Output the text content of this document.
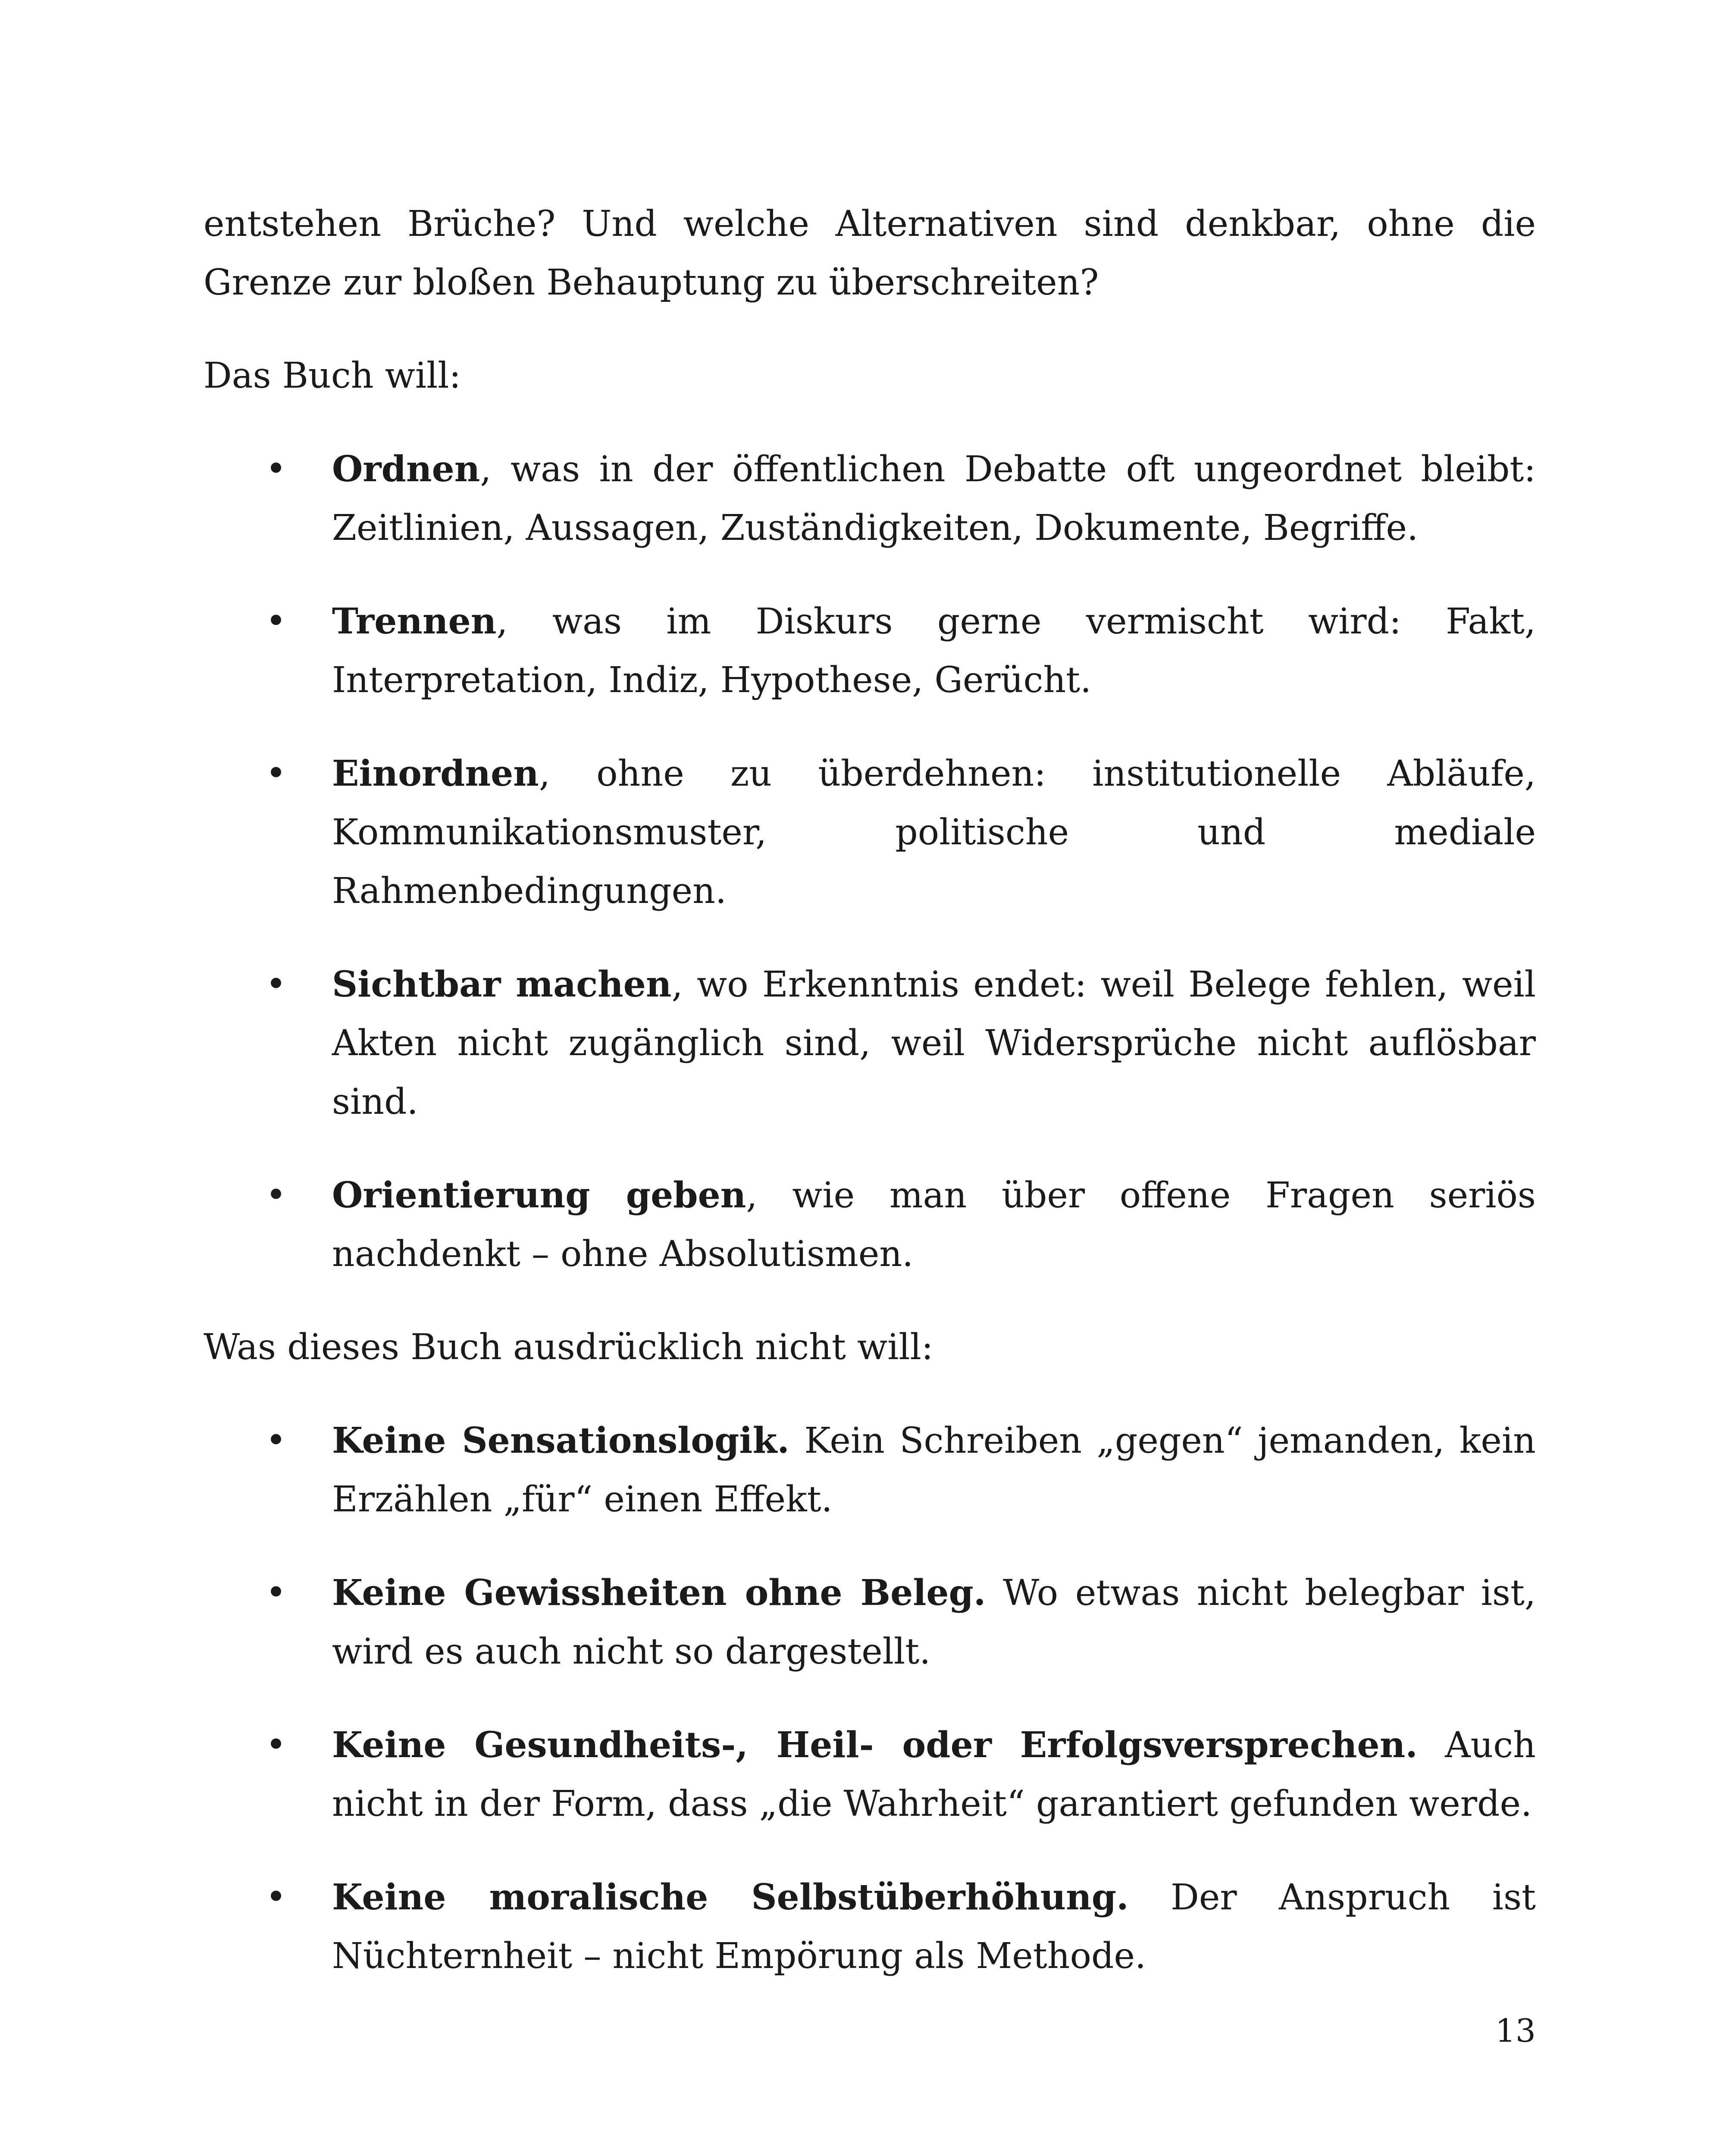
entstehen Brüche? Und welche Alternativen sind denkbar, ohne die Grenze zur bloßen Behauptung zu überschreiten?

Das Buch will:

•
Ordnen, was in der öffentlichen Debatte oft ungeordnet bleibt: Zeitlinien, Aussagen, Zuständigkeiten, Dokumente, Begriffe.
•
Trennen, was im Diskurs gerne vermischt wird: Fakt, Interpretation, Indiz, Hypothese, Gerücht.
•
Einordnen, ohne zu überdehnen: institutionelle Abläufe, Kommunikationsmuster, politische und mediale Rahmenbedingungen.
•
Sichtbar machen, wo Erkenntnis endet: weil Belege fehlen, weil Akten nicht zugänglich sind, weil Widersprüche nicht auflösbar sind.
•
Orientierung geben, wie man über offene Fragen seriös nachdenkt – ohne Absolutismen.

Was dieses Buch ausdrücklich nicht will:

•
Keine Sensationslogik. Kein Schreiben „gegen“ jemanden, kein Erzählen „für“ einen Effekt.
•
Keine Gewissheiten ohne Beleg. Wo etwas nicht belegbar ist, wird es auch nicht so dargestellt.
•
Keine Gesundheits-, Heil- oder Erfolgsversprechen. Auch nicht in der Form, dass „die Wahrheit“ garantiert gefunden werde.
•
Keine moralische Selbstüberhöhung. Der Anspruch ist Nüchternheit – nicht Empörung als Methode.
13
